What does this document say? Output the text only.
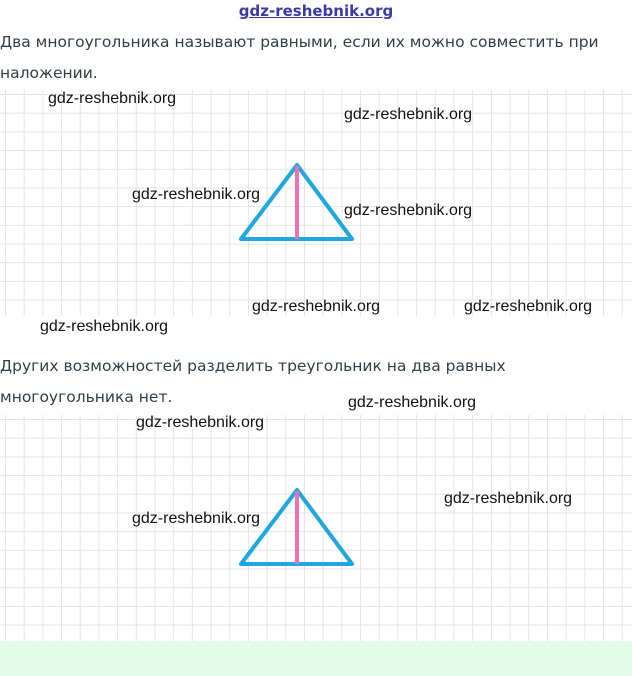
gdz-reshebnik.org

Два многоугольника называют равными, если их можно совместить при наложении.

Других возможностей разделить треугольник на два равных многоугольника нет.

gdz-reshebnik.org
gdz-reshebnik.org
gdz-reshebnik.org
gdz-reshebnik.org
gdz-reshebnik.org	gdz-reshebnik.org
gdz-reshebnik.org
gdz-reshebnik.org
gdz-reshebnik.org
gdz-reshebnik.org
gdz-reshebnik.org
